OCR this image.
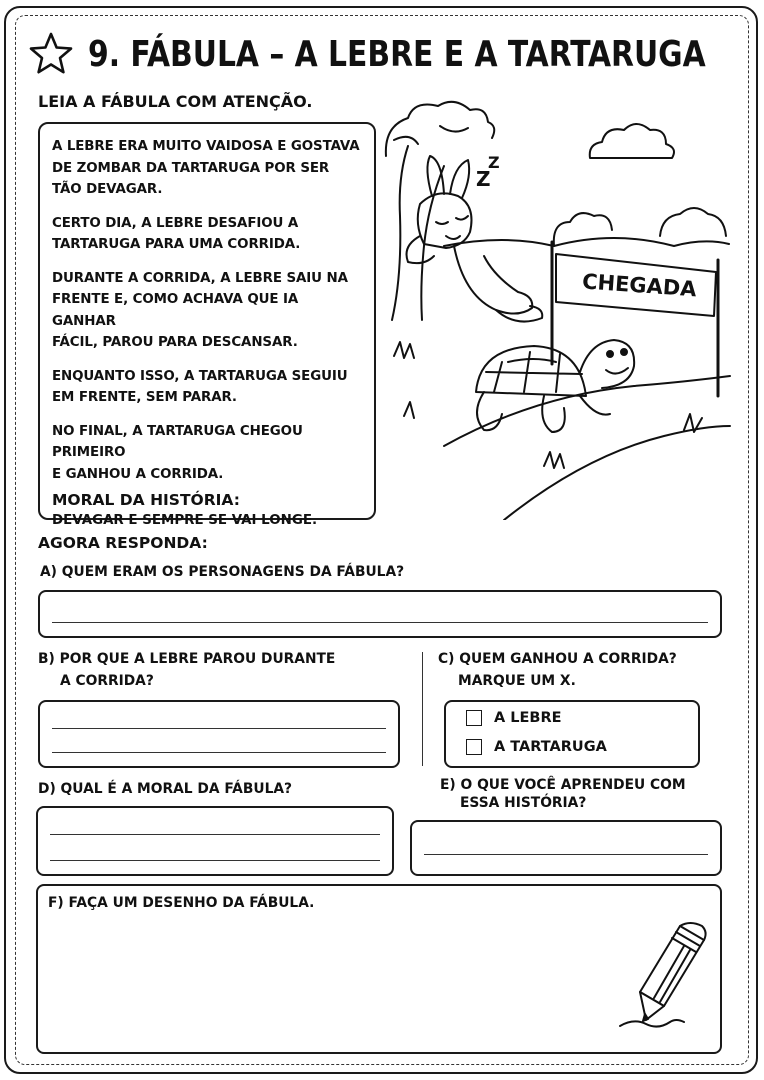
9. FÁBULA – A LEBRE E A TARTARUGA
LEIA A FÁBULA COM ATENÇÃO.

A LEBRE ERA MUITO VAIDOSA E GOSTAVA
DE ZOMBAR DA TARTARUGA POR SER
TÃO DEVAGAR.

CERTO DIA, A LEBRE DESAFIOU A
TARTARUGA PARA UMA CORRIDA.

DURANTE A CORRIDA, A LEBRE SAIU NA
FRENTE E, COMO ACHAVA QUE IA GANHAR
FÁCIL, PAROU PARA DESCANSAR.

ENQUANTO ISSO, A TARTARUGA SEGUIU
EM FRENTE, SEM PARAR.

NO FINAL, A TARTARUGA CHEGOU PRIMEIRO
E GANHOU A CORRIDA.

MORAL DA HISTÓRIA:
DEVAGAR E SEMPRE SE VAI LONGE.
Z
Z
CHEGADA
AGORA RESPONDA:
A) QUEM ERAM OS PERSONAGENS DA FÁBULA?
B) POR QUE A LEBRE PAROU DURANTE
A CORRIDA?
C) QUEM GANHOU A CORRIDA?
MARQUE UM X.
A LEBRE
A TARTARUGA
D) QUAL É A MORAL DA FÁBULA?	E) O QUE VOCÊ APRENDEU COM
ESSA HISTÓRIA?
F) FAÇA UM DESENHO DA FÁBULA.
